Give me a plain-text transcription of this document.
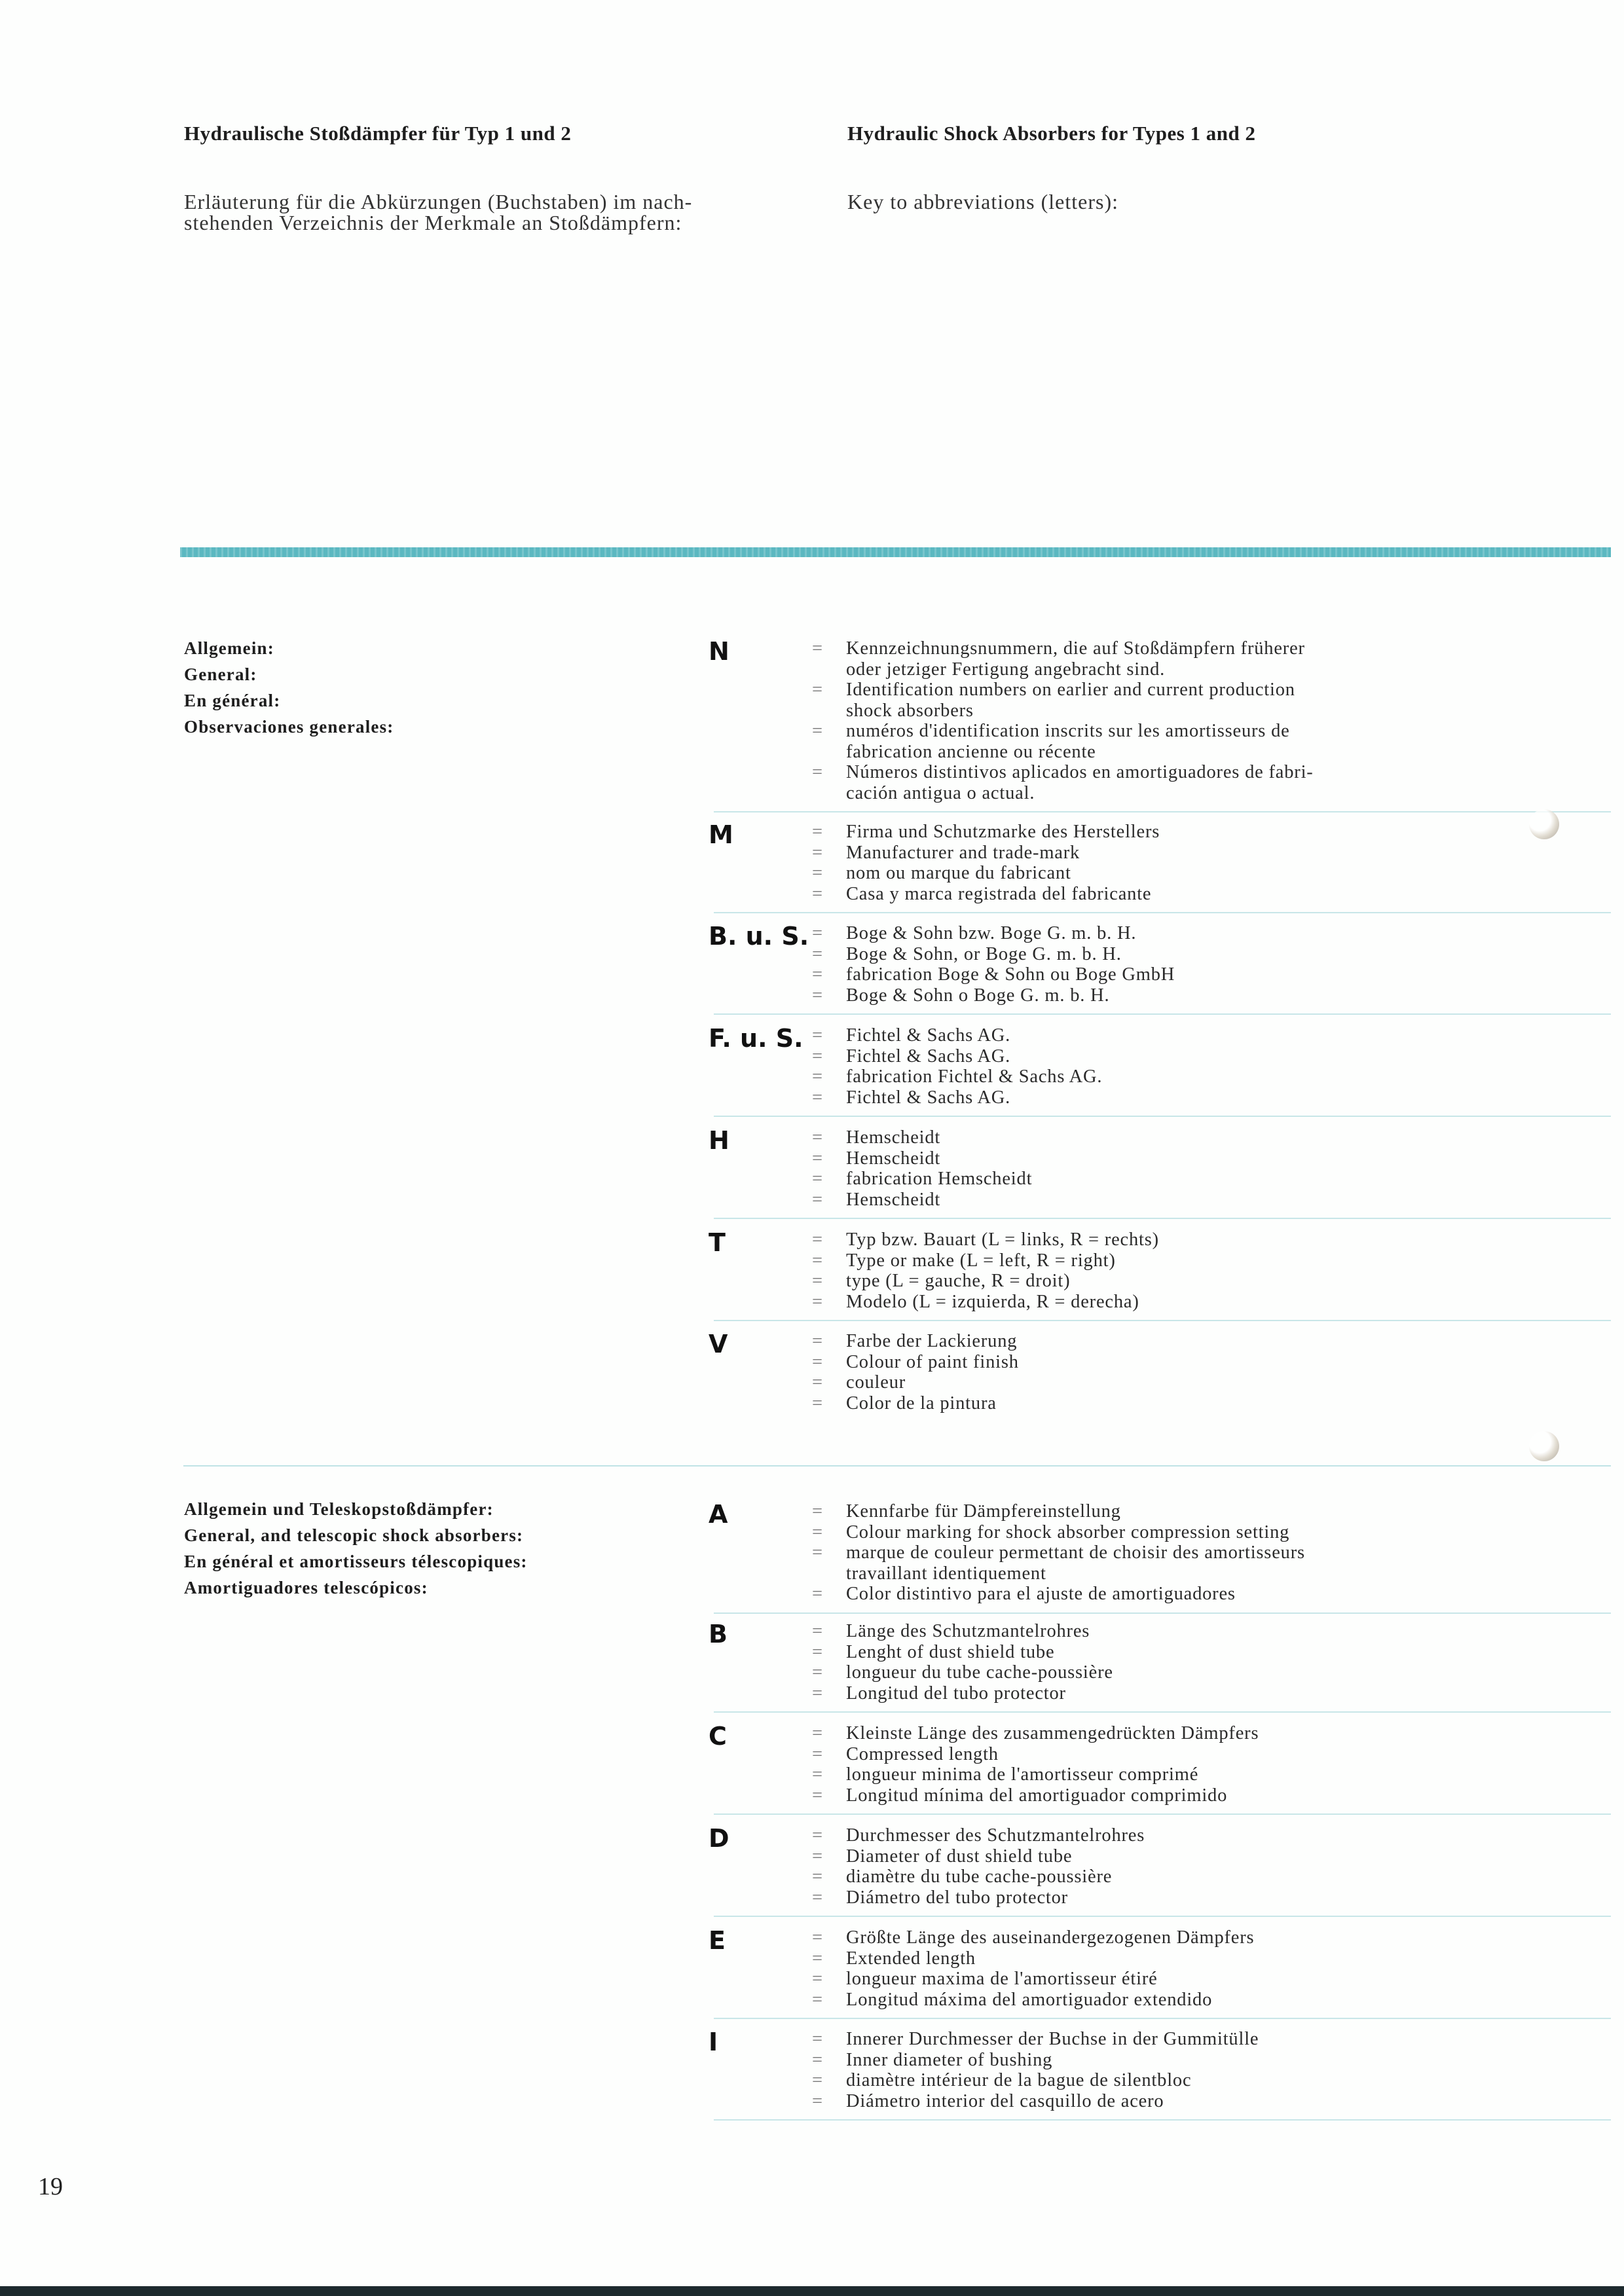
Hydraulische Stoßdämpfer für Typ 1 und 2	Hydraulic Shock Absorbers for Types 1 and 2
Erläuterung für die Abkürzungen (Buchstaben) im nach-
stehenden Verzeichnis der Merkmale an Stoßdämpfern:
Key to abbreviations (letters):
Allgemein:
General:
En général:
Observaciones generales:
Allgemein und Teleskopstoßdämpfer:
General, and telescopic shock absorbers:
En général et amortisseurs télescopiques:
Amortiguadores telescópicos:
N	= Kennzeichnungsnummern, die auf Stoßdämpfern früherer
oder jetziger Fertigung angebracht sind.
= Identification numbers on earlier and current production
shock absorbers
= numéros d'identification inscrits sur les amortisseurs de
fabrication ancienne ou récente
= Números distintivos aplicados en amortiguadores de fabri-
cación antigua o actual.
M	= Firma und Schutzmarke des Herstellers
= Manufacturer and trade-mark
= nom ou marque du fabricant
= Casa y marca registrada del fabricante
B. u. S. = Boge & Sohn bzw. Boge G. m. b. H.
= Boge & Sohn, or Boge G. m. b. H.
= fabrication Boge & Sohn ou Boge GmbH
= Boge & Sohn o Boge G. m. b. H.
F. u. S. = Fichtel & Sachs AG.
= Fichtel & Sachs AG.
= fabrication Fichtel & Sachs AG.
= Fichtel & Sachs AG.
H	= Hemscheidt
= Hemscheidt
= fabrication Hemscheidt
= Hemscheidt
T	= Typ bzw. Bauart (L = links, R = rechts)
= Type or make (L = left, R = right)
= type (L = gauche, R = droit)
= Modelo (L = izquierda, R = derecha)
V	= Farbe der Lackierung
= Colour of paint finish
= couleur
= Color de la pintura
A	= Kennfarbe für Dämpfereinstellung
= Colour marking for shock absorber compression setting
= marque de couleur permettant de choisir des amortisseurs
travaillant identiquement
= Color distintivo para el ajuste de amortiguadores
B	= Länge des Schutzmantelrohres
= Lenght of dust shield tube
= longueur du tube cache-poussière
= Longitud del tubo protector
C	= Kleinste Länge des zusammengedrückten Dämpfers
= Compressed length
= longueur minima de l'amortisseur comprimé
= Longitud mínima del amortiguador comprimido
D	= Durchmesser des Schutzmantelrohres
= Diameter of dust shield tube
= diamètre du tube cache-poussière
= Diámetro del tubo protector
E	= Größte Länge des auseinandergezogenen Dämpfers
= Extended length
= longueur maxima de l'amortisseur étiré
= Longitud máxima del amortiguador extendido
I	= Innerer Durchmesser der Buchse in der Gummitülle
= Inner diameter of bushing
= diamètre intérieur de la bague de silentbloc
= Diámetro interior del casquillo de acero
19
